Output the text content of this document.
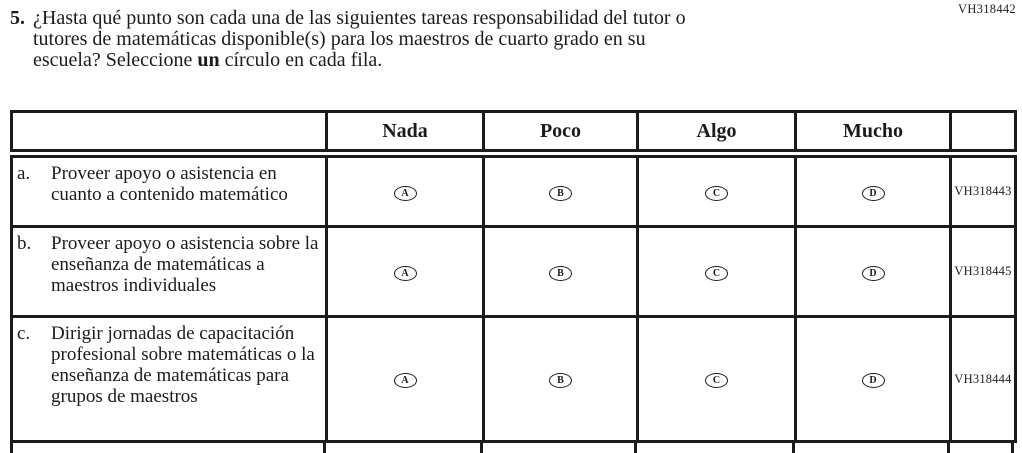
VH318442
5. ¿Hasta qué punto son cada una de las siguientes tareas responsabilidad del tutor o
tutores de matemáticas disponible(s) para los maestros de cuarto grado en su
escuela? Seleccione un círculo en cada fila.
	Nada	Poco	Algo	Mucho	

a. Proveer apoyo o asistencia en cuanto a contenido matemático	A	B	C	D	VH318443

b. Proveer apoyo o asistencia sobre la enseñanza de matemáticas a maestros individuales	A	B	C	D	VH318445

c. Dirigir jornadas de capacitación profesional sobre matemáticas o la enseñanza de matemáticas para grupos de maestros	A	B	C	D	VH318444
